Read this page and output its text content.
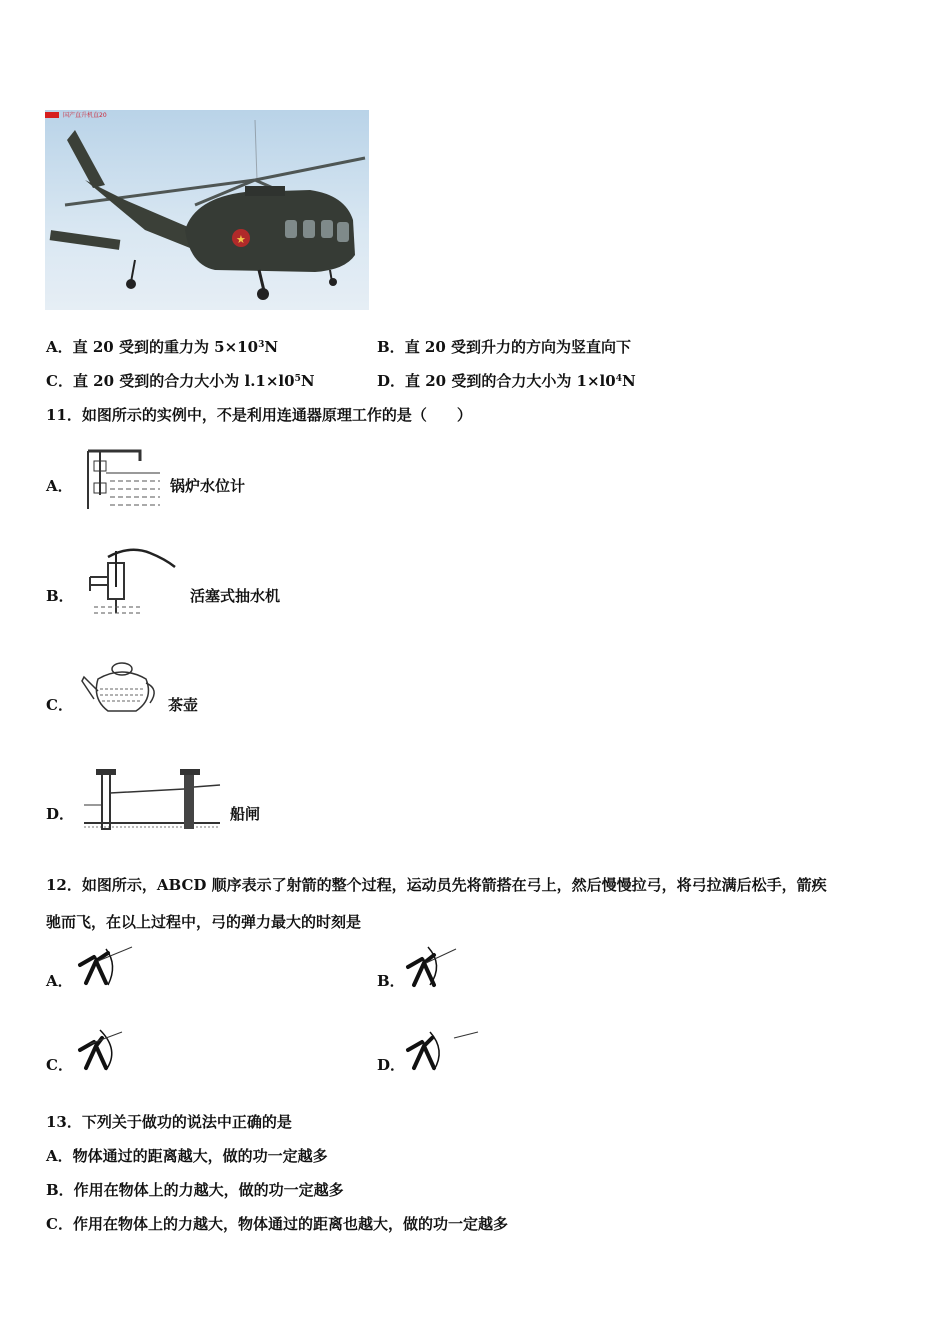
国产直升机直20
★
A．直 20 受到的重力为 $5\times 10^3N$	B．直 20 受到升力的方向为竖直向下
C．直 20 受到的合力大小为 $l.1\times l0^5N$	D．直 20 受到的合力大小为 $1\times l0^4N$
11．如图所示的实例中，不是利用连通器原理工作的是（　　）
A．	锅炉水位计
B．	活塞式抽水机
C．	茶壶
D．	船闸
12．如图所示，ABCD 顺序表示了射箭的整个过程，运动员先将箭搭在弓上，然后慢慢拉弓，将弓拉满后松手，箭疾
驰而飞，在以上过程中，弓的弹力最大的时刻是
A．	B．
C．	D．
13．下列关于做功的说法中正确的是
A．物体通过的距离越大，做的功一定越多
B．作用在物体上的力越大，做的功一定越多
C．作用在物体上的力越大，物体通过的距离也越大，做的功一定越多
